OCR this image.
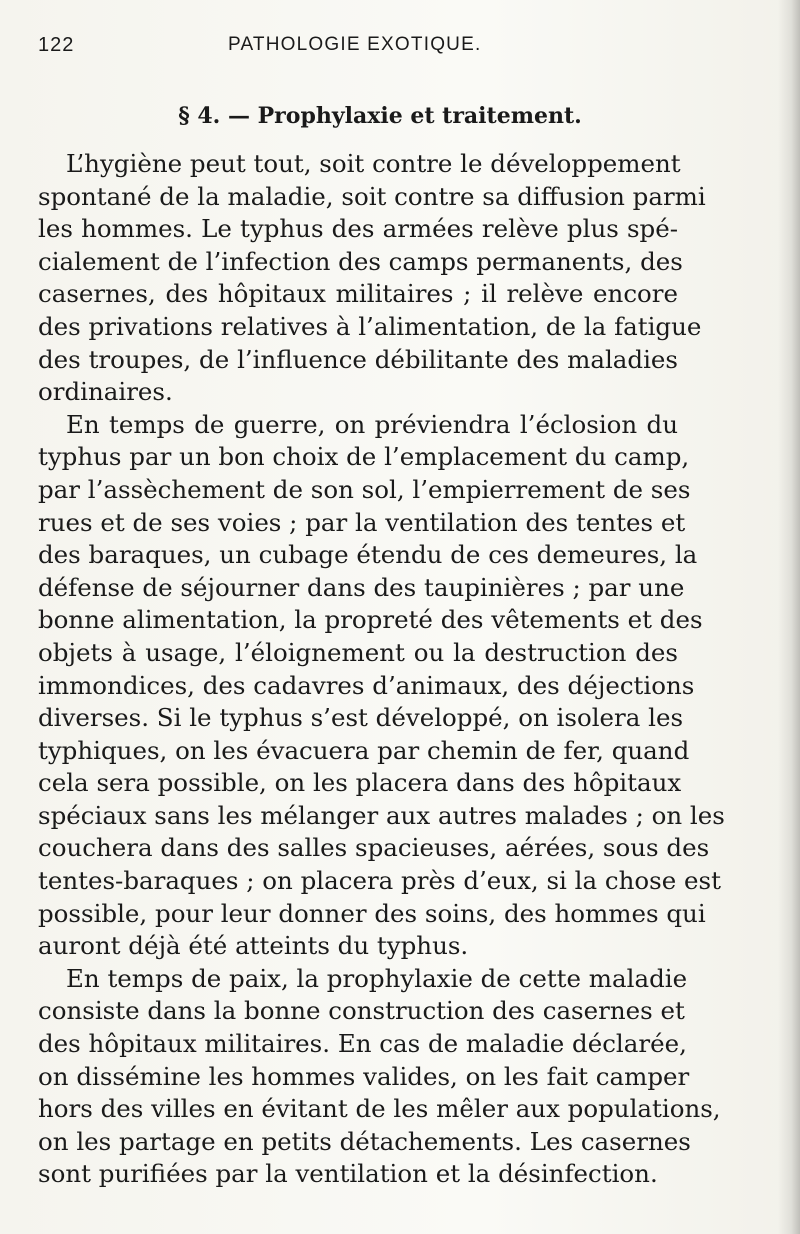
122	PATHOLOGIE EXOTIQUE.
§ 4. — Prophylaxie et traitement.
L’hygiène peut tout, soit contre le développement
spontané de la maladie, soit contre sa diffusion parmi
les hommes. Le typhus des armées relève plus spé-
cialement de l’infection des camps permanents, des
casernes, des hôpitaux militaires ; il relève encore
des privations relatives à l’alimentation, de la fatigue
des troupes, de l’influence débilitante des maladies
ordinaires.
En temps de guerre, on préviendra l’éclosion du
typhus par un bon choix de l’emplacement du camp,
par l’assèchement de son sol, l’empierrement de ses
rues et de ses voies ; par la ventilation des tentes et
des baraques, un cubage étendu de ces demeures, la
défense de séjourner dans des taupinières ; par une
bonne alimentation, la propreté des vêtements et des
objets à usage, l’éloignement ou la destruction des
immondices, des cadavres d’animaux, des déjections
diverses. Si le typhus s’est développé, on isolera les
typhiques, on les évacuera par chemin de fer, quand
cela sera possible, on les placera dans des hôpitaux
spéciaux sans les mélanger aux autres malades ; on les
couchera dans des salles spacieuses, aérées, sous des
tentes-baraques ; on placera près d’eux, si la chose est
possible, pour leur donner des soins, des hommes qui
auront déjà été atteints du typhus.
En temps de paix, la prophylaxie de cette maladie
consiste dans la bonne construction des casernes et
des hôpitaux militaires. En cas de maladie déclarée,
on dissémine les hommes valides, on les fait camper
hors des villes en évitant de les mêler aux populations,
on les partage en petits détachements. Les casernes
sont purifiées par la ventilation et la désinfection.
